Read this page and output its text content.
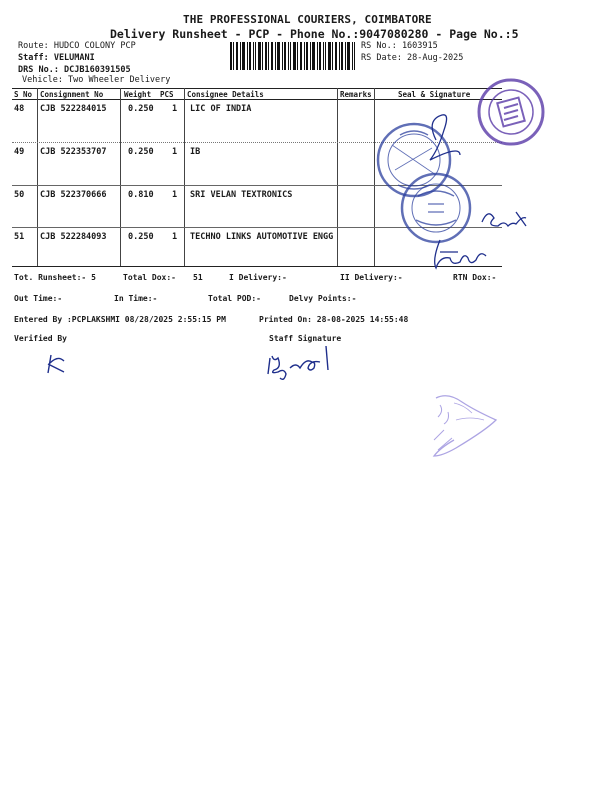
THE PROFESSIONAL COURIERS, COIMBATORE
Delivery Runsheet - PCP - Phone No.:9047080280 - Page No.:5
Route: HUDCO COLONY PCP
Staff: VELUMANI
DRS No.: DCJB160391505
Vehicle: Two Wheeler Delivery
RS No.: 1603915
RS Date: 28-Aug-2025
S No Consignment No	Weight PCS Consignee Details	Remarks	Seal & Signature
48 CJB 522284015	0.250 1 LIC OF INDIA
49 CJB 522353707	0.250 1 IB
50 CJB 522370666	0.810 1 SRI VELAN TEXTRONICS
51 CJB 522284093	0.250 1 TECHNO LINKS AUTOMOTIVE ENGG
Tot. Runsheet:- 5	Total Dox:- 51	I Delivery:-	II Delivery:-	RTN Dox:-
Out Time:-	In Time:-	Total POD:-	Delvy Points:-
Entered By :PCPLAKSHMI 08/28/2025 2:55:15 PM	Printed On: 28-08-2025 14:55:48
Verified By	Staff Signature
